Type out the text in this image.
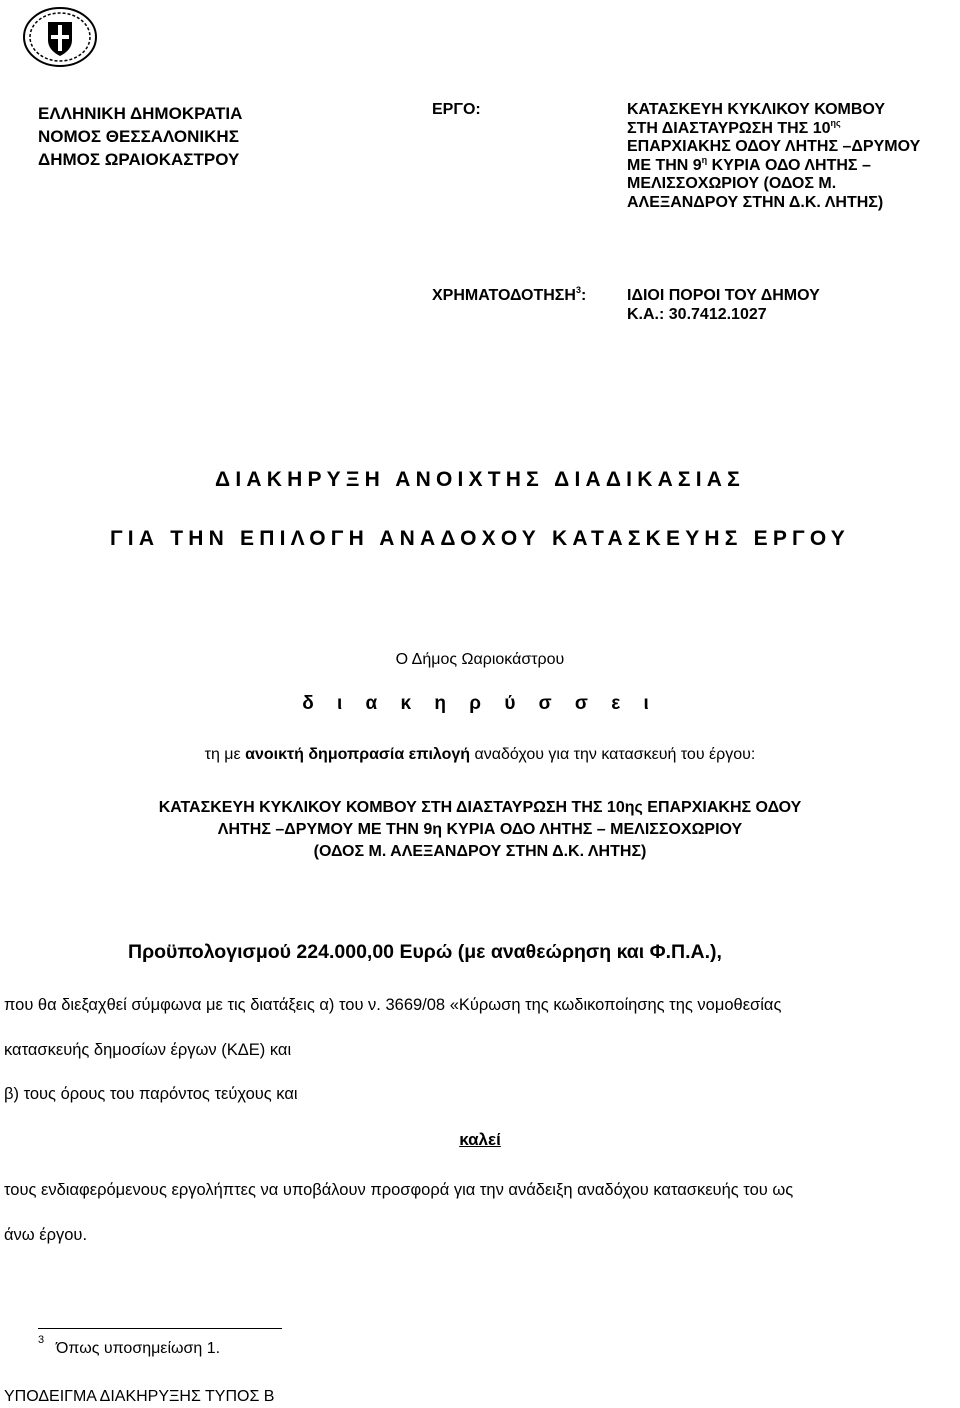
ΕΛΛΗΝΙΚΗ ΔΗΜΟΚΡΑΤΙΑ
ΝΟΜΟΣ ΘΕΣΣΑΛΟΝΙΚΗΣ
ΔΗΜΟΣ ΩΡΑΙΟΚΑΣΤΡΟΥ
ΕΡΓΟ:	ΚΑΤΑΣΚΕΥΗ ΚΥΚΛΙΚΟΥ ΚΟΜΒΟΥ
ΣΤΗ ΔΙΑΣΤΑΥΡΩΣΗ ΤΗΣ $10^{\eta\varsigma}$
ΕΠΑΡΧΙΑΚΗΣ ΟΔΟΥ ΛΗΤΗΣ –ΔΡΥΜΟΥ
ΜΕ ΤΗΝ $9^\eta$ ΚΥΡΙΑ ΟΔΟ ΛΗΤΗΣ –
ΜΕΛΙΣΣΟΧΩΡΙΟΥ (ΟΔΟΣ Μ.
ΑΛΕΞΑΝΔΡΟΥ ΣΤΗΝ Δ.Κ. ΛΗΤΗΣ)
ΧΡΗΜΑΤΟΔΟΤΗΣΗ$^3$:	ΙΔΙΟΙ ΠΟΡΟΙ ΤΟΥ ΔΗΜΟΥ
Κ.Α.: 30.7412.1027
ΔΙΑΚΗΡΥΞΗ ΑΝΟΙΧΤΗΣ ΔΙΑΔΙΚΑΣΙΑΣ
ΓΙΑ ΤΗΝ ΕΠΙΛΟΓΗ ΑΝΑΔΟΧΟΥ ΚΑΤΑΣΚΕΥΗΣ ΕΡΓΟΥ
Ο Δήμος Ωαριοκάστρου
δ ι α κ η ρ ύ σ σ ε ι
τη με ανοικτή δημοπρασία επιλογή αναδόχου για την κατασκευή του έργου:
ΚΑΤΑΣΚΕΥΗ ΚΥΚΛΙΚΟΥ ΚΟΜΒΟΥ ΣΤΗ ΔΙΑΣΤΑΥΡΩΣΗ ΤΗΣ 10ης ΕΠΑΡΧΙΑΚΗΣ ΟΔΟΥ
ΛΗΤΗΣ –ΔΡΥΜΟΥ ΜΕ ΤΗΝ 9η ΚΥΡΙΑ ΟΔΟ ΛΗΤΗΣ – ΜΕΛΙΣΣΟΧΩΡΙΟΥ
(ΟΔΟΣ Μ. ΑΛΕΞΑΝΔΡΟΥ ΣΤΗΝ Δ.Κ. ΛΗΤΗΣ)
Προϋπολογισμού 224.000,00 Ευρώ (με αναθεώρηση και Φ.Π.Α.),
που θα διεξαχθεί σύμφωνα με τις διατάξεις α) του ν. 3669/08 «Κύρωση της κωδικοποίησης της νομοθεσίας
κατασκευής δημοσίων έργων (ΚΔΕ) και
β) τους όρους του παρόντος τεύχους και
καλεί
τους ενδιαφερόμενους εργολήπτες να υποβάλουν προσφορά για την ανάδειξη αναδόχου κατασκευής του ως
άνω έργου.
3 Όπως υποσημείωση 1.
ΥΠΟΔΕΙΓΜΑ ΔΙΑΚΗΡΥΞΗΣ ΤΥΠΟΣ Β
